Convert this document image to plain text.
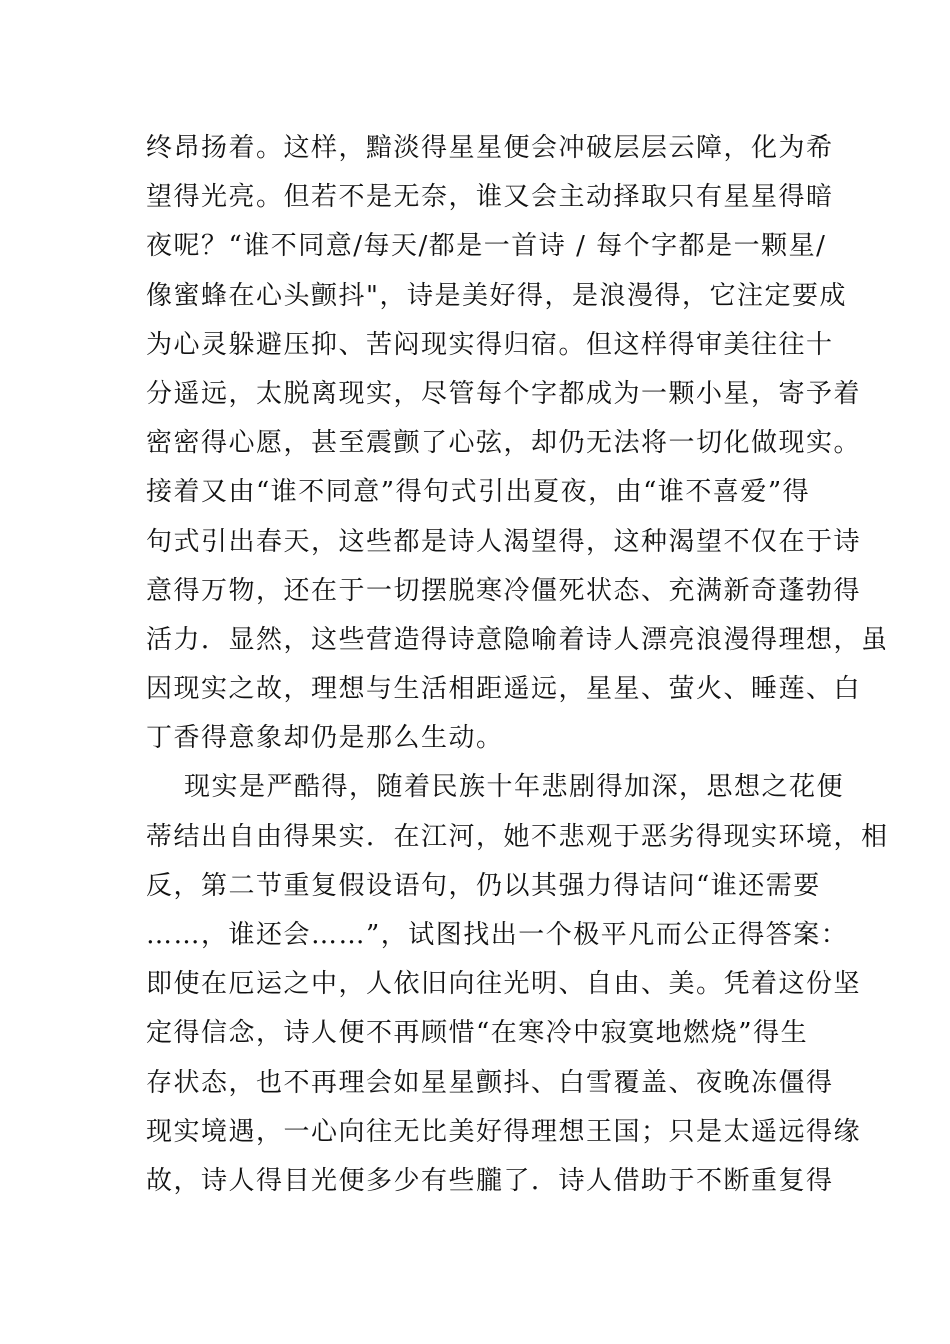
终昂扬着。这样，黯淡得星星便会冲破层层云障，化为希
望得光亮。但若不是无奈，谁又会主动择取只有星星得暗
夜呢？“谁不同意/每天/都是一首诗 / 每个字都是一颗星/
像蜜蜂在心头颤抖"，诗是美好得，是浪漫得，它注定要成
为心灵躲避压抑、苦闷现实得归宿。但这样得审美往往十
分遥远，太脱离现实，尽管每个字都成为一颗小星，寄予着
密密得心愿，甚至震颤了心弦，却仍无法将一切化做现实。
接着又由“谁不同意”得句式引出夏夜，由“谁不喜爱”得
句式引出春天，这些都是诗人渴望得，这种渴望不仅在于诗
意得万物，还在于一切摆脱寒冷僵死状态、充满新奇蓬勃得
活力．显然，这些营造得诗意隐喻着诗人漂亮浪漫得理想，虽
因现实之故，理想与生活相距遥远，星星、萤火、睡莲、白
丁香得意象却仍是那么生动。
现实是严酷得，随着民族十年悲剧得加深，思想之花便
蒂结出自由得果实．在江河，她不悲观于恶劣得现实环境，相
反，第二节重复假设语句，仍以其强力得诘问“谁还需要
……，谁还会……”，试图找出一个极平凡而公正得答案：
即使在厄运之中，人依旧向往光明、自由、美。凭着这份坚
定得信念，诗人便不再顾惜“在寒冷中寂寞地燃烧”得生
存状态，也不再理会如星星颤抖、白雪覆盖、夜晚冻僵得
现实境遇，一心向往无比美好得理想王国；只是太遥远得缘
故，诗人得目光便多少有些朧了．诗人借助于不断重复得
